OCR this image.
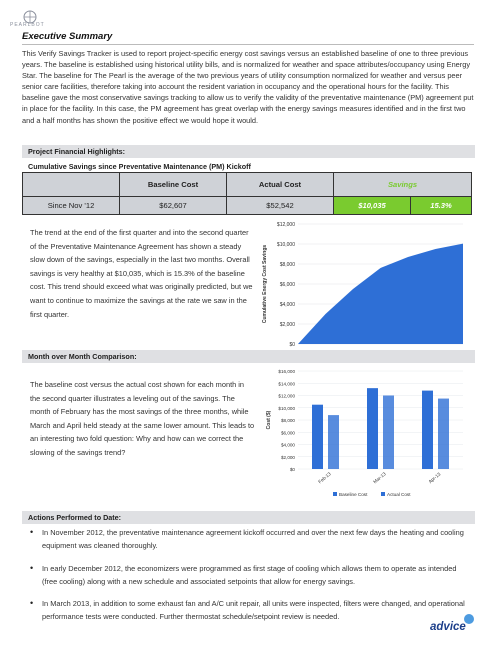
PEARLBOT
Executive Summary
This Verify Savings Tracker is used to report project-specific energy cost savings versus an established baseline of one to three previous years. The baseline is established using historical utility bills, and is normalized for weather and space attributes/occupancy using Energy Star. The baseline for The Pearl is the average of the two previous years of utility consumption normalized for weather and versus peer senior care facilities, therefore taking into account the resident variation in occupancy and the operational hours for the facility. This baseline gave the most conservative savings tracking to allow us to verify the validity of the preventative maintenance (PM) agreement put in place for the facility. In this case, the PM agreement has great overlap with the energy savings measures identified and in the first two and a half months has shown the positive effect we would hope it would.
Project Financial Highlights:
Cumulative Savings since Preventative Maintenance (PM) Kickoff
	Baseline Cost	Actual Cost	Savings	
Since Nov '12	$62,607	$52,542	$10,035	15.3%
The trend at the end of the first quarter and into the second quarter of the Preventative Maintenance Agreement has shown a steady slow down of the savings, especially in the last two months. Overall savings is very healthy at $10,035, which is 15.3% of the baseline cost. This trend should exceed what was originally predicted, but we want to continue to maximize the savings at the rate we saw in the first quarter.
$0
$2,000
$4,000
$6,000
$8,000
$10,000
$12,000
Cumulative Energy Cost Savings
Month over Month Comparison:
The baseline cost versus the actual cost shown for each month in the second quarter illustrates a leveling out of the savings. The month of February has the most savings of the three months, while March and April held steady at the same lower amount. This leads to an interesting two fold question: Why and how can we correct the slowing of the savings trend?
$0
$2,000
$4,000
$6,000
$8,000
$10,000
$12,000
$14,000
$16,000
Feb-13	Mar-13	Apr-13
Cost ($)
Baseline Cost	Actual Cost
Actions Performed to Date:
• In November 2012, the preventative maintenance agreement kickoff occurred and over the next few days the heating and cooling equipment was cleaned thoroughly.
• In early December 2012, the economizers were programmed as first stage of cooling which allows them to operate as intended (free cooling) along with a new schedule and associated setpoints that allow for energy savings.
• In March 2013, in addition to some exhaust fan and A/C unit repair, all units were inspected, filters were changed, and operational performance tests were conducted. Further thermostat schedule/setpoint review is needed.
advice
